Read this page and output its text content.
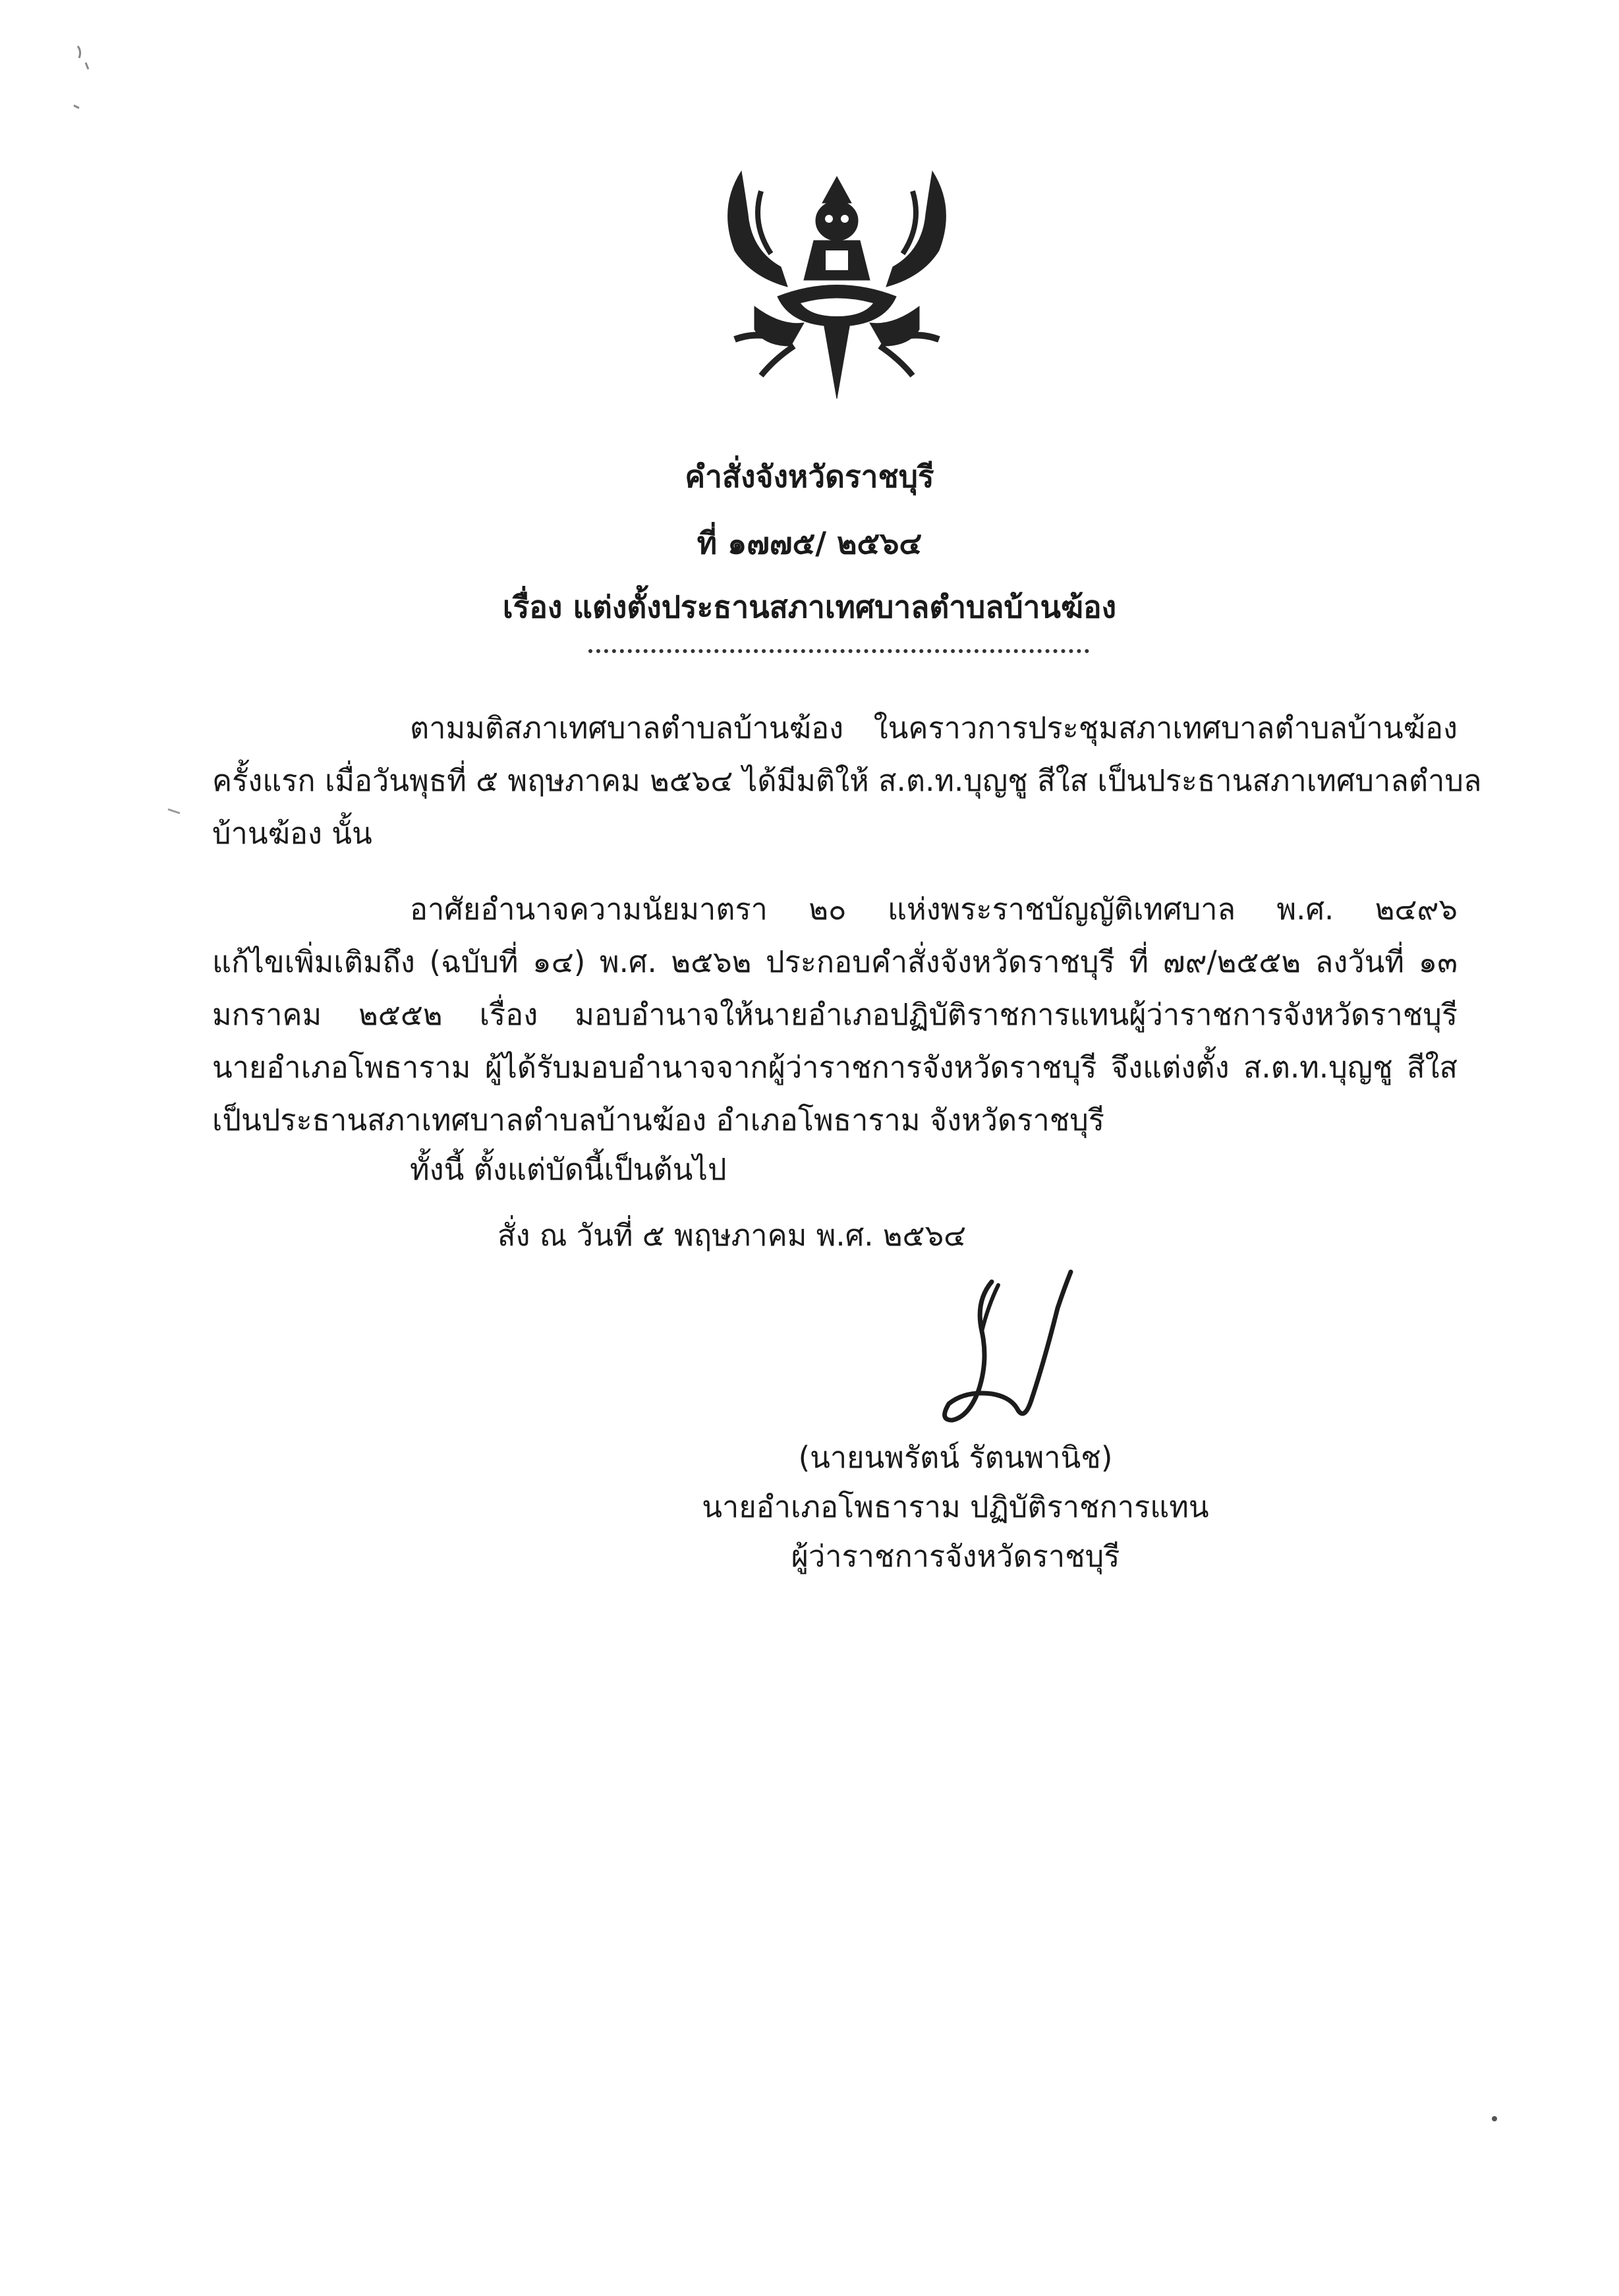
คำสั่งจังหวัดราชบุรี
ที่ ๑๗๗๕/ ๒๕๖๔
เรื่อง แต่งตั้งประธานสภาเทศบาลตำบลบ้านฆ้อง
ตามมติสภาเทศบาลตำบลบ้านฆ้อง ในคราวการประชุมสภาเทศบาลตำบลบ้านฆ้อง
ครั้งแรก เมื่อวันพุธที่ ๕ พฤษภาคม ๒๕๖๔ ได้มีมติให้ ส.ต.ท.บุญชู สีใส เป็นประธานสภาเทศบาลตำบล
บ้านฆ้อง นั้น
อาศัยอำนาจความนัยมาตรา ๒๐ แห่งพระราชบัญญัติเทศบาล พ.ศ. ๒๔๙๖
แก้ไขเพิ่มเติมถึง (ฉบับที่ ๑๔) พ.ศ. ๒๕๖๒ ประกอบคำสั่งจังหวัดราชบุรี ที่ ๗๙/๒๕๕๒ ลงวันที่ ๑๓
มกราคม ๒๕๕๒ เรื่อง มอบอำนาจให้นายอำเภอปฏิบัติราชการแทนผู้ว่าราชการจังหวัดราชบุรี
นายอำเภอโพธาราม ผู้ได้รับมอบอำนาจจากผู้ว่าราชการจังหวัดราชบุรี จึงแต่งตั้ง ส.ต.ท.บุญชู สีใส
เป็นประธานสภาเทศบาลตำบลบ้านฆ้อง อำเภอโพธาราม จังหวัดราชบุรี
ทั้งนี้ ตั้งแต่บัดนี้เป็นต้นไป
สั่ง ณ วันที่ ๕ พฤษภาคม พ.ศ. ๒๕๖๔
(นายนพรัตน์ รัตนพานิช)
นายอำเภอโพธาราม ปฏิบัติราชการแทน
ผู้ว่าราชการจังหวัดราชบุรี
